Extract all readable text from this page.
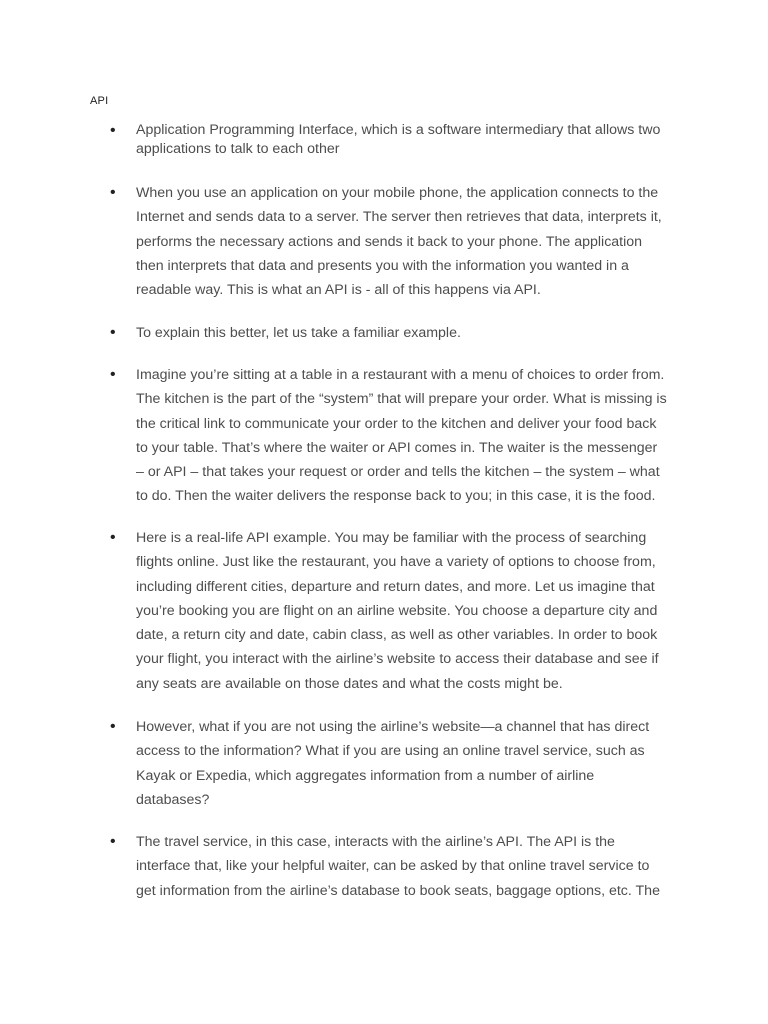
API
• Application Programming Interface, which is a software intermediary that allows two
applications to talk to each other
• When you use an application on your mobile phone, the application connects to the
Internet and sends data to a server. The server then retrieves that data, interprets it,
performs the necessary actions and sends it back to your phone. The application
then interprets that data and presents you with the information you wanted in a
readable way. This is what an API is - all of this happens via API.
• To explain this better, let us take a familiar example.
• Imagine you’re sitting at a table in a restaurant with a menu of choices to order from.
The kitchen is the part of the “system” that will prepare your order. What is missing is
the critical link to communicate your order to the kitchen and deliver your food back
to your table. That’s where the waiter or API comes in. The waiter is the messenger
– or API – that takes your request or order and tells the kitchen – the system – what
to do. Then the waiter delivers the response back to you; in this case, it is the food.
• Here is a real-life API example. You may be familiar with the process of searching
flights online. Just like the restaurant, you have a variety of options to choose from,
including different cities, departure and return dates, and more. Let us imagine that
you’re booking you are flight on an airline website. You choose a departure city and
date, a return city and date, cabin class, as well as other variables. In order to book
your flight, you interact with the airline’s website to access their database and see if
any seats are available on those dates and what the costs might be.
• However, what if you are not using the airline’s website—a channel that has direct
access to the information? What if you are using an online travel service, such as
Kayak or Expedia, which aggregates information from a number of airline
databases?
• The travel service, in this case, interacts with the airline’s API. The API is the
interface that, like your helpful waiter, can be asked by that online travel service to
get information from the airline’s database to book seats, baggage options, etc. The
